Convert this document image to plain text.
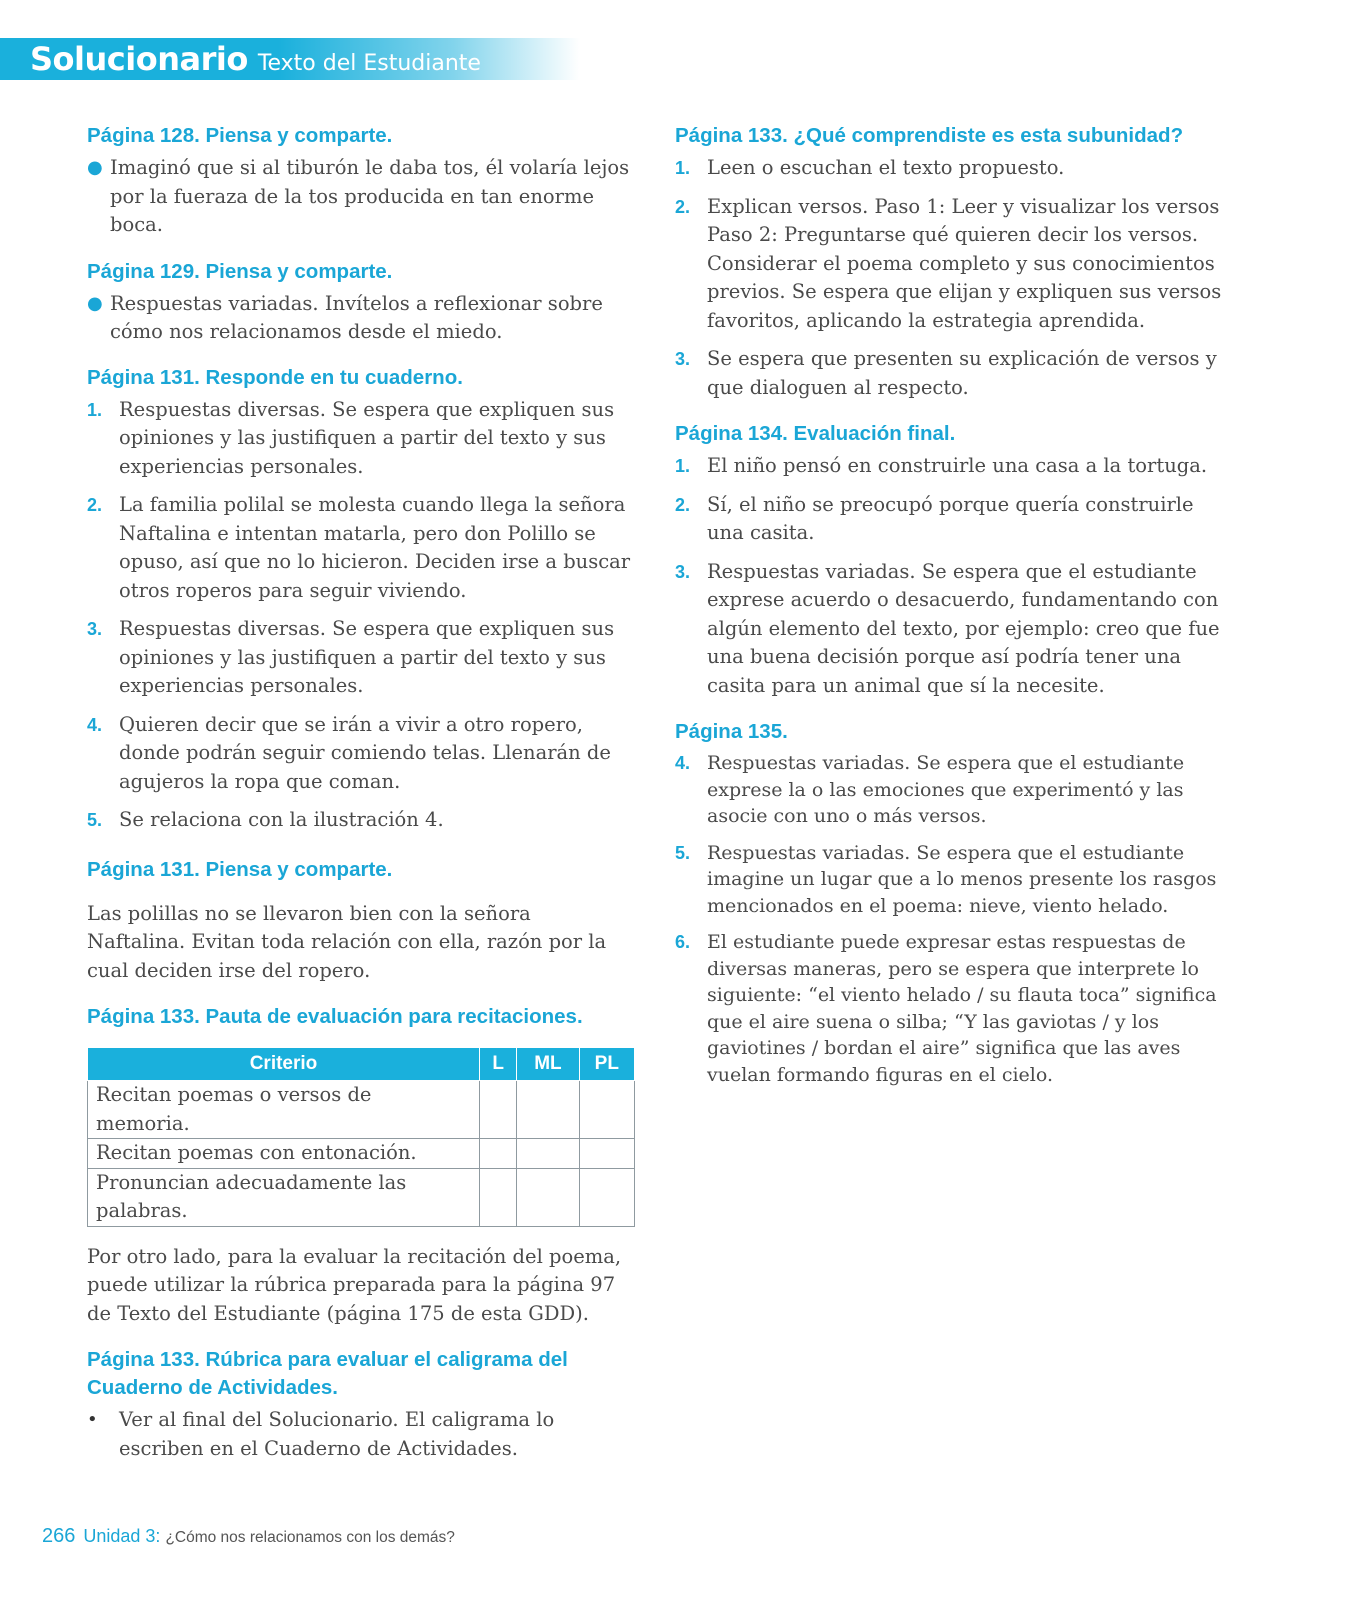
Solucionario Texto del Estudiante
Página 128. Piensa y comparte.
● Imaginó que si al tiburón le daba tos, él volaría lejos por la fueraza de la tos producida en tan enorme boca.
Página 129. Piensa y comparte.
● Respuestas variadas. Invítelos a reflexionar sobre cómo nos relacionamos desde el miedo.
Página 131. Responde en tu cuaderno.
1. Respuestas diversas. Se espera que expliquen sus opiniones y las justifiquen a partir del texto y sus experiencias personales.
2. La familia polilal se molesta cuando llega la señora Naftalina e intentan matarla, pero don Polillo se opuso, así que no lo hicieron. Deciden irse a buscar otros roperos para seguir viviendo.
3. Respuestas diversas. Se espera que expliquen sus opiniones y las justifiquen a partir del texto y sus experiencias personales.
4. Quieren decir que se irán a vivir a otro ropero, donde podrán seguir comiendo telas. Llenarán de agujeros la ropa que coman.
5. Se relaciona con la ilustración 4.
Página 131. Piensa y comparte.
Las polillas no se llevaron bien con la señora Naftalina. Evitan toda relación con ella, razón por la cual deciden irse del ropero.
Página 133. Pauta de evaluación para recitaciones.
Criterio	L	ML	PL
Recitan poemas o versos de memoria.			
Recitan poemas con entonación.			
Pronuncian adecuadamente las palabras.			
Por otro lado, para la evaluar la recitación del poema, puede utilizar la rúbrica preparada para la página 97 de Texto del Estudiante (página 175 de esta GDD).
Página 133. Rúbrica para evaluar el caligrama del Cuaderno de Actividades.
•	Ver al final del Solucionario. El caligrama lo escriben en el Cuaderno de Actividades.
Página 133. ¿Qué comprendiste es esta subunidad?
1. Leen o escuchan el texto propuesto.
2. Explican versos. Paso 1: Leer y visualizar los versos Paso 2: Preguntarse qué quieren decir los versos. Considerar el poema completo y sus conocimientos previos. Se espera que elijan y expliquen sus versos favoritos, aplicando la estrategia aprendida.
3. Se espera que presenten su explicación de versos y que dialoguen al respecto.
Página 134. Evaluación final.
1. El niño pensó en construirle una casa a la tortuga.
2. Sí, el niño se preocupó porque quería construirle una casita.
3. Respuestas variadas. Se espera que el estudiante exprese acuerdo o desacuerdo, fundamentando con algún elemento del texto, por ejemplo: creo que fue una buena decisión porque así podría tener una casita para un animal que sí la necesite.
Página 135.
4. Respuestas variadas. Se espera que el estudiante exprese la o las emociones que experimentó y las asocie con uno o más versos.
5. Respuestas variadas. Se espera que el estudiante imagine un lugar que a lo menos presente los rasgos mencionados en el poema: nieve, viento helado.
6. El estudiante puede expresar estas respuestas de diversas maneras, pero se espera que interprete lo siguiente: “el viento helado / su flauta toca” significa que el aire suena o silba; “Y las gaviotas / y los gaviotines / bordan el aire” significa que las aves vuelan formando figuras en el cielo.
266 Unidad 3: ¿Cómo nos relacionamos con los demás?
